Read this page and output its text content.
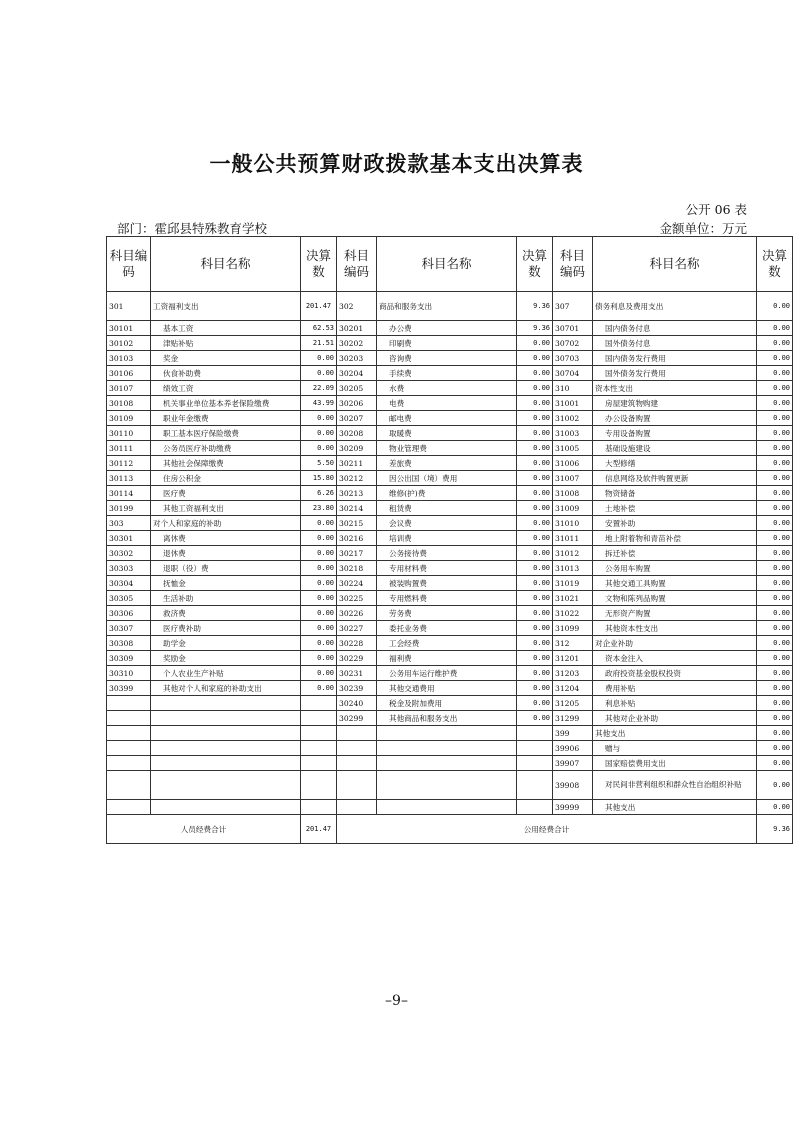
一般公共预算财政拨款基本支出决算表
公开 06 表
部门：霍邱县特殊教育学校	金额单位：万元
科目编码	科目名称	决算数	科目编码	科目名称	决算数	科目编码	科目名称	决算数
301	工资福利支出	201.47	302	商品和服务支出	9.36	307	债务利息及费用支出	0.00
30101	基本工资	62.53	30201	办公费	9.36	30701	国内债务付息	0.00
30102	津贴补贴	21.51	30202	印刷费	0.00	30702	国外债务付息	0.00
30103	奖金	0.00	30203	咨询费	0.00	30703	国内债务发行费用	0.00
30106	伙食补助费	0.00	30204	手续费	0.00	30704	国外债务发行费用	0.00
30107	绩效工资	22.09	30205	水费	0.00	310	资本性支出	0.00
30108	机关事业单位基本养老保险缴费	43.99	30206	电费	0.00	31001	房屋建筑物购建	0.00
30109	职业年金缴费	0.00	30207	邮电费	0.00	31002	办公设备购置	0.00
30110	职工基本医疗保险缴费	0.00	30208	取暖费	0.00	31003	专用设备购置	0.00
30111	公务员医疗补助缴费	0.00	30209	物业管理费	0.00	31005	基础设施建设	0.00
30112	其他社会保障缴费	5.50	30211	差旅费	0.00	31006	大型修缮	0.00
30113	住房公积金	15.80	30212	因公出国（境）费用	0.00	31007	信息网络及软件购置更新	0.00
30114	医疗费	6.26	30213	维修(护)费	0.00	31008	物资储备	0.00
30199	其他工资福利支出	23.80	30214	租赁费	0.00	31009	土地补偿	0.00
303	对个人和家庭的补助	0.00	30215	会议费	0.00	31010	安置补助	0.00
30301	离休费	0.00	30216	培训费	0.00	31011	地上附着物和青苗补偿	0.00
30302	退休费	0.00	30217	公务接待费	0.00	31012	拆迁补偿	0.00
30303	退职（役）费	0.00	30218	专用材料费	0.00	31013	公务用车购置	0.00
30304	抚恤金	0.00	30224	被装购置费	0.00	31019	其他交通工具购置	0.00
30305	生活补助	0.00	30225	专用燃料费	0.00	31021	文物和陈列品购置	0.00
30306	救济费	0.00	30226	劳务费	0.00	31022	无形资产购置	0.00
30307	医疗费补助	0.00	30227	委托业务费	0.00	31099	其他资本性支出	0.00
30308	助学金	0.00	30228	工会经费	0.00	312	对企业补助	0.00
30309	奖励金	0.00	30229	福利费	0.00	31201	资本金注入	0.00
30310	个人农业生产补贴	0.00	30231	公务用车运行维护费	0.00	31203	政府投资基金股权投资	0.00
30399	其他对个人和家庭的补助支出	0.00	30239	其他交通费用	0.00	31204	费用补贴	0.00
			30240	税金及附加费用	0.00	31205	利息补贴	0.00
			30299	其他商品和服务支出	0.00	31299	其他对企业补助	0.00
						399	其他支出	0.00
						39906	赠与	0.00
						39907	国家赔偿费用支出	0.00
						39908	对民间非营利组织和群众性自治组织补贴	0.00
						39999	其他支出	0.00
人员经费合计		201.47	公用经费合计					9.36
–9–
